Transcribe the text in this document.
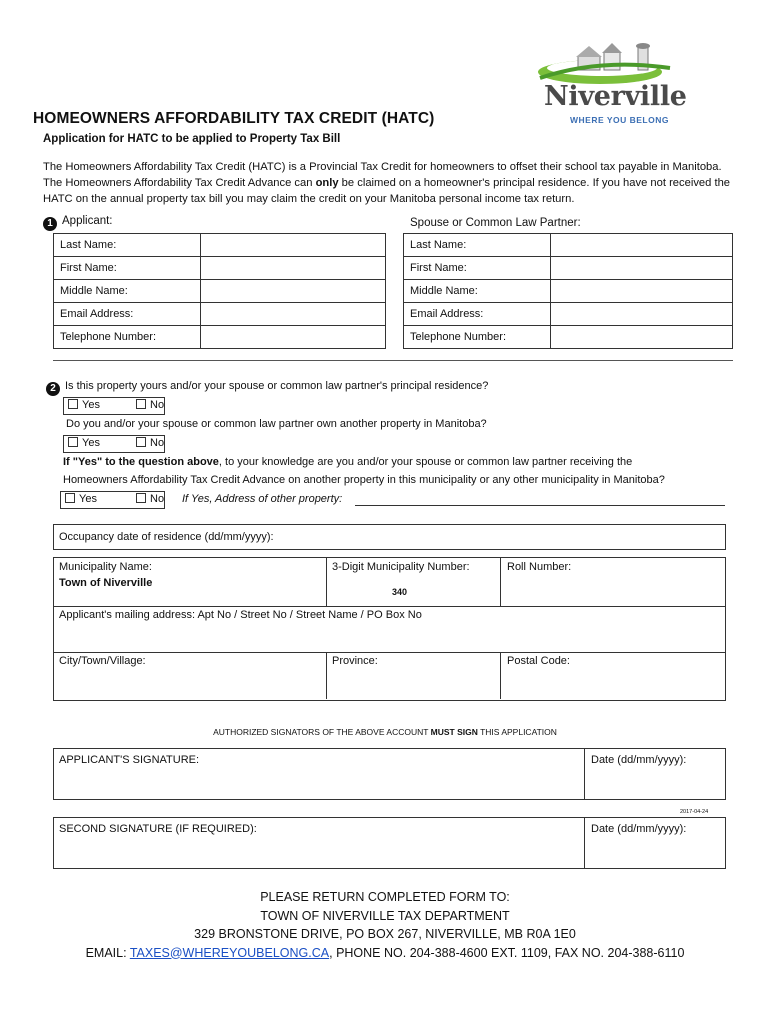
Niverville
WHERE YOU BELONG
HOMEOWNERS AFFORDABILITY TAX CREDIT (HATC)
Application for HATC to be applied to Property Tax Bill
The Homeowners Affordability Tax Credit (HATC) is a Provincial Tax Credit for homeowners to offset their school tax payable in Manitoba.
The Homeowners Affordability Tax Credit Advance can only be claimed on a homeowner's principal residence. If you have not received the HATC on the annual property tax bill you may claim the credit on your Manitoba personal income tax return.
1 Applicant:	Spouse or Common Law Partner:
Last Name:	
First Name:	
Middle Name:	
Email Address:	
Telephone Number:	
Last Name:	
First Name:	
Middle Name:	
Email Address:	
Telephone Number:	
2 Is this property yours and/or your spouse or common law partner's principal residence?
Yes	No
Do you and/or your spouse or common law partner own another property in Manitoba?
Yes	No
If "Yes" to the question above, to your knowledge are you and/or your spouse or common law partner receiving the
Homeowners Affordability Tax Credit Advance on another property in this municipality or any other municipality in Manitoba?
Yes	No If Yes, Address of other property:
Occupancy date of residence (dd/mm/yyyy):
Municipality Name:
Town of Niverville
3-Digit Municipality Number:
340
Roll Number:
Applicant's mailing address: Apt No / Street No / Street Name / PO Box No
City/Town/Village:	Province:	Postal Code:
AUTHORIZED SIGNATORS OF THE ABOVE ACCOUNT MUST SIGN THIS APPLICATION
APPLICANT'S SIGNATURE:	Date (dd/mm/yyyy):
2017-04-24
SECOND SIGNATURE (IF REQUIRED):	Date (dd/mm/yyyy):
PLEASE RETURN COMPLETED FORM TO:
TOWN OF NIVERVILLE TAX DEPARTMENT
329 BRONSTONE DRIVE, PO BOX 267, NIVERVILLE, MB R0A 1E0
EMAIL: TAXES@WHEREYOUBELONG.CA, PHONE NO. 204-388-4600 EXT. 1109, FAX NO. 204-388-6110
